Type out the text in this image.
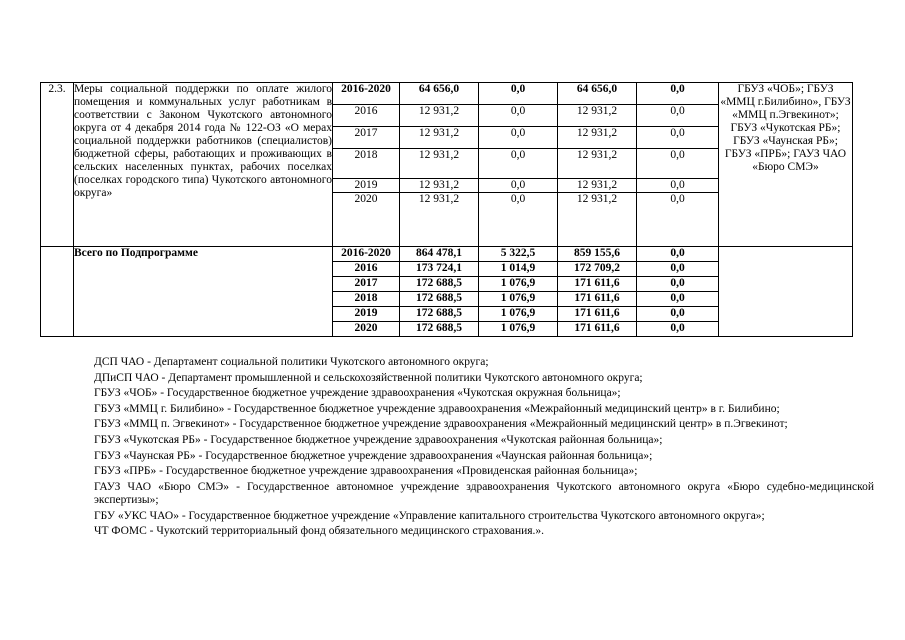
2.3.	Меры социальной поддержки по оплате жилого помещения и коммунальных услуг работникам в соответствии с Законом Чукотского автономного округа от 4 декабря 2014 года № 122-ОЗ «О мерах социальной поддержки работников (специалистов) бюджетной сферы, работающих и проживающих в сельских населенных пунктах, рабочих поселках (поселках городского типа) Чукотского автономного округа»	2016-2020	64 656,0	0,0	64 656,0	0,0	ГБУЗ «ЧОБ»; ГБУЗ «ММЦ г.Билибино», ГБУЗ «ММЦ п.Эгвекинот»; ГБУЗ «Чукотская РБ»; ГБУЗ «Чаунская РБ»; ГБУЗ «ПРБ»; ГАУЗ ЧАО «Бюро СМЭ»
		2016	12 931,2	0,0	12 931,2	0,0	
		2017	12 931,2	0,0	12 931,2	0,0	
		2018	12 931,2	0,0	12 931,2	0,0	
		2019	12 931,2	0,0	12 931,2	0,0	
		2020	12 931,2	0,0	12 931,2	0,0	
	Всего по Подпрограмме	2016-2020	864 478,1	5 322,5	859 155,6	0,0	
		2016	173 724,1	1 014,9	172 709,2	0,0	
		2017	172 688,5	1 076,9	171 611,6	0,0	
		2018	172 688,5	1 076,9	171 611,6	0,0	
		2019	172 688,5	1 076,9	171 611,6	0,0	
		2020	172 688,5	1 076,9	171 611,6	0,0	

ДСП ЧАО - Департамент социальной политики Чукотского автономного округа;

ДПиСП ЧАО - Департамент промышленной и сельскохозяйственной политики Чукотского автономного округа;

ГБУЗ «ЧОБ» - Государственное бюджетное учреждение здравоохранения «Чукотская окружная больница»;

ГБУЗ «ММЦ г. Билибино» - Государственное бюджетное учреждение здравоохранения «Межрайонный медицинский центр» в г. Билибино;

ГБУЗ «ММЦ п. Эгвекинот» - Государственное бюджетное учреждение здравоохранения «Межрайонный медицинский центр» в п.Эгвекинот;

ГБУЗ «Чукотская РБ» - Государственное бюджетное учреждение здравоохранения «Чукотская районная больница»;

ГБУЗ «Чаунская РБ» - Государственное бюджетное учреждение здравоохранения «Чаунская районная больница»;

ГБУЗ «ПРБ» - Государственное бюджетное учреждение здравоохранения «Провиденская районная больница»;

ГАУЗ ЧАО «Бюро СМЭ» - Государственное автономное учреждение здравоохранения Чукотского автономного округа «Бюро судебно-медицинской экспертизы»;

ГБУ «УКС ЧАО» - Государственное бюджетное учреждение «Управление капитального строительства Чукотского автономного округа»;

ЧТ ФОМС - Чукотский территориальный фонд обязательного медицинского страхования.».
